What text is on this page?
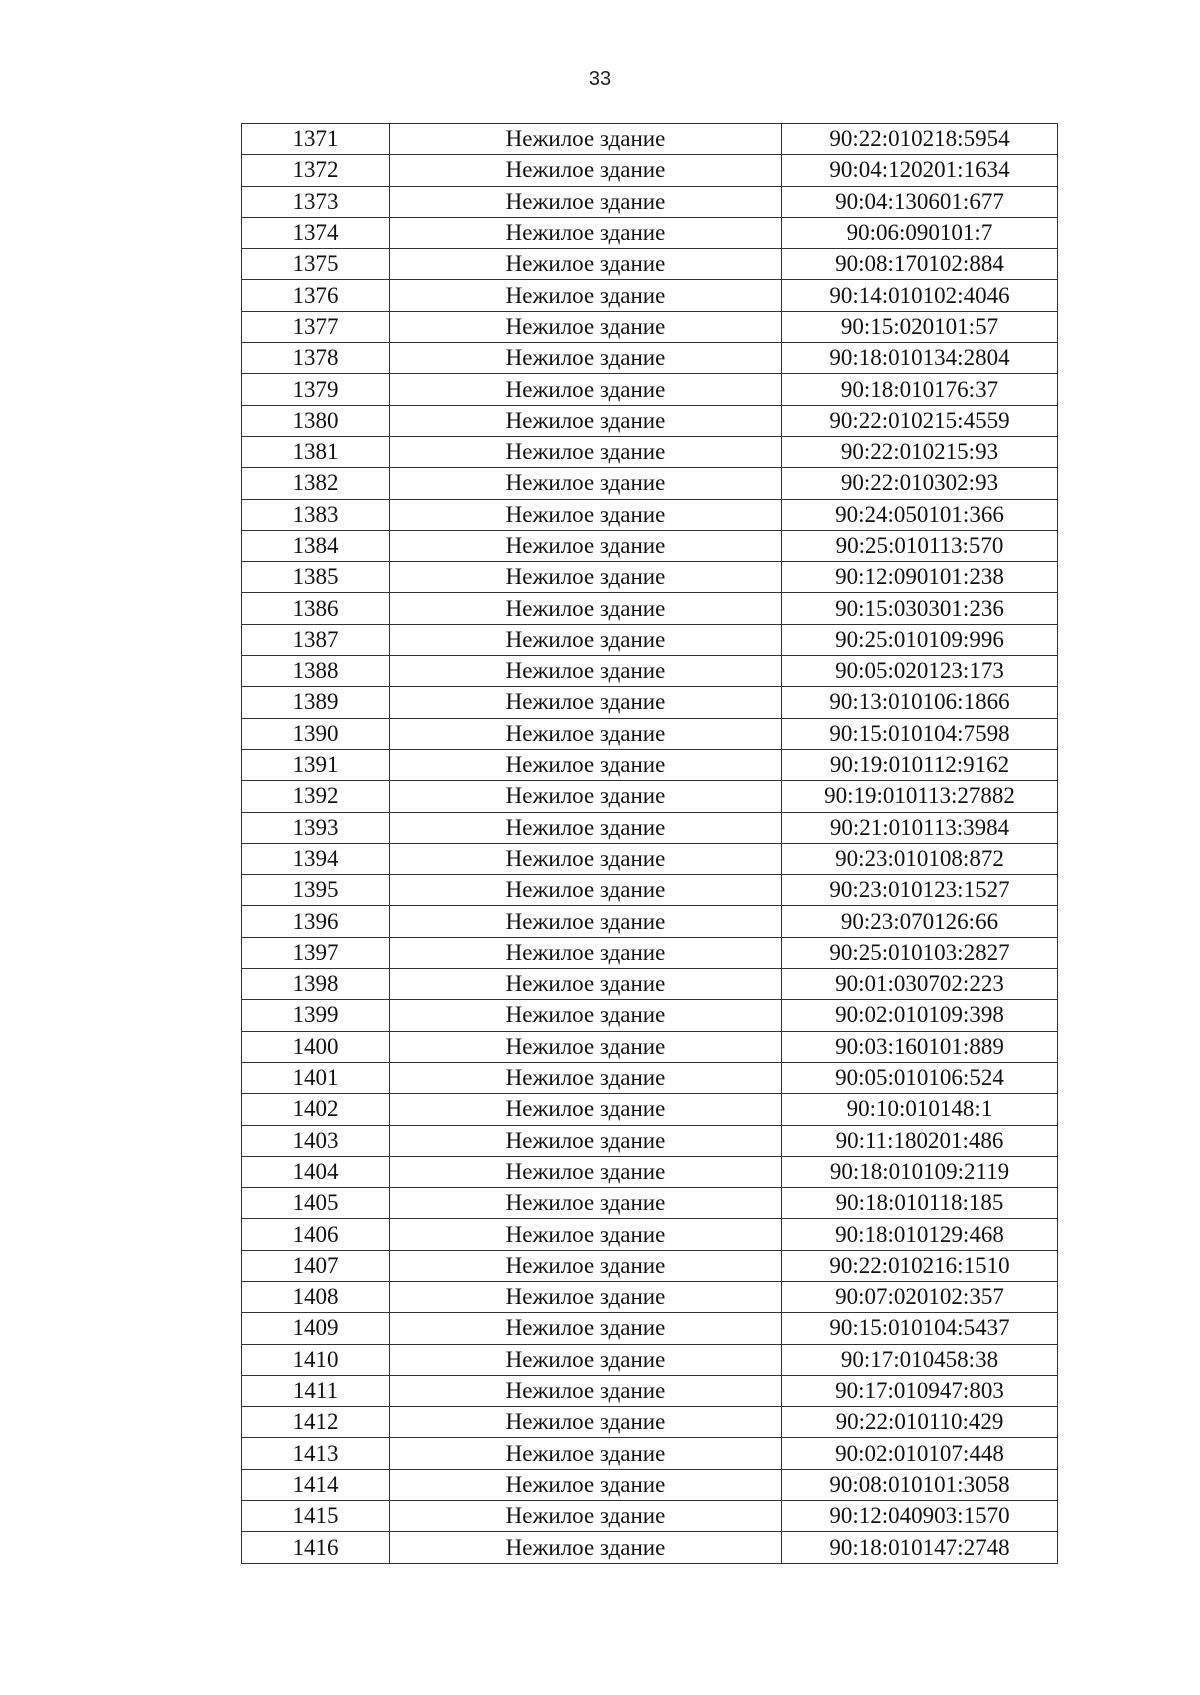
33
1371	Нежилое здание	90:22:010218:5954
1372	Нежилое здание	90:04:120201:1634
1373	Нежилое здание	90:04:130601:677
1374	Нежилое здание	90:06:090101:7
1375	Нежилое здание	90:08:170102:884
1376	Нежилое здание	90:14:010102:4046
1377	Нежилое здание	90:15:020101:57
1378	Нежилое здание	90:18:010134:2804
1379	Нежилое здание	90:18:010176:37
1380	Нежилое здание	90:22:010215:4559
1381	Нежилое здание	90:22:010215:93
1382	Нежилое здание	90:22:010302:93
1383	Нежилое здание	90:24:050101:366
1384	Нежилое здание	90:25:010113:570
1385	Нежилое здание	90:12:090101:238
1386	Нежилое здание	90:15:030301:236
1387	Нежилое здание	90:25:010109:996
1388	Нежилое здание	90:05:020123:173
1389	Нежилое здание	90:13:010106:1866
1390	Нежилое здание	90:15:010104:7598
1391	Нежилое здание	90:19:010112:9162
1392	Нежилое здание	90:19:010113:27882
1393	Нежилое здание	90:21:010113:3984
1394	Нежилое здание	90:23:010108:872
1395	Нежилое здание	90:23:010123:1527
1396	Нежилое здание	90:23:070126:66
1397	Нежилое здание	90:25:010103:2827
1398	Нежилое здание	90:01:030702:223
1399	Нежилое здание	90:02:010109:398
1400	Нежилое здание	90:03:160101:889
1401	Нежилое здание	90:05:010106:524
1402	Нежилое здание	90:10:010148:1
1403	Нежилое здание	90:11:180201:486
1404	Нежилое здание	90:18:010109:2119
1405	Нежилое здание	90:18:010118:185
1406	Нежилое здание	90:18:010129:468
1407	Нежилое здание	90:22:010216:1510
1408	Нежилое здание	90:07:020102:357
1409	Нежилое здание	90:15:010104:5437
1410	Нежилое здание	90:17:010458:38
1411	Нежилое здание	90:17:010947:803
1412	Нежилое здание	90:22:010110:429
1413	Нежилое здание	90:02:010107:448
1414	Нежилое здание	90:08:010101:3058
1415	Нежилое здание	90:12:040903:1570
1416	Нежилое здание	90:18:010147:2748
